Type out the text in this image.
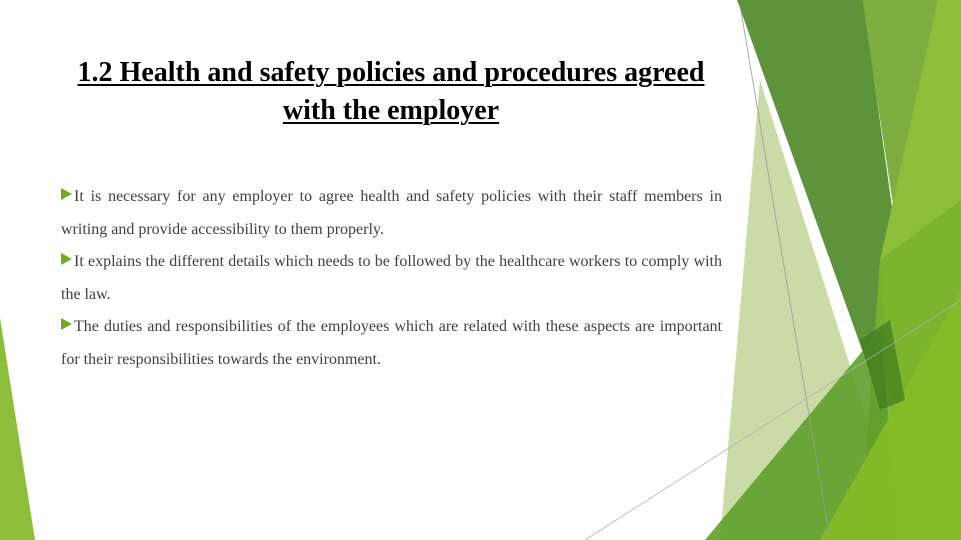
1.2 Health and safety policies and procedures agreed with the employer
It is necessary for any employer to agree health and safety policies with their staff members in writing and provide accessibility to them properly.
It explains the different details which needs to be followed by the healthcare workers to comply with the law.
The duties and responsibilities of the employees which are related with these aspects are important for their responsibilities towards the environment.
